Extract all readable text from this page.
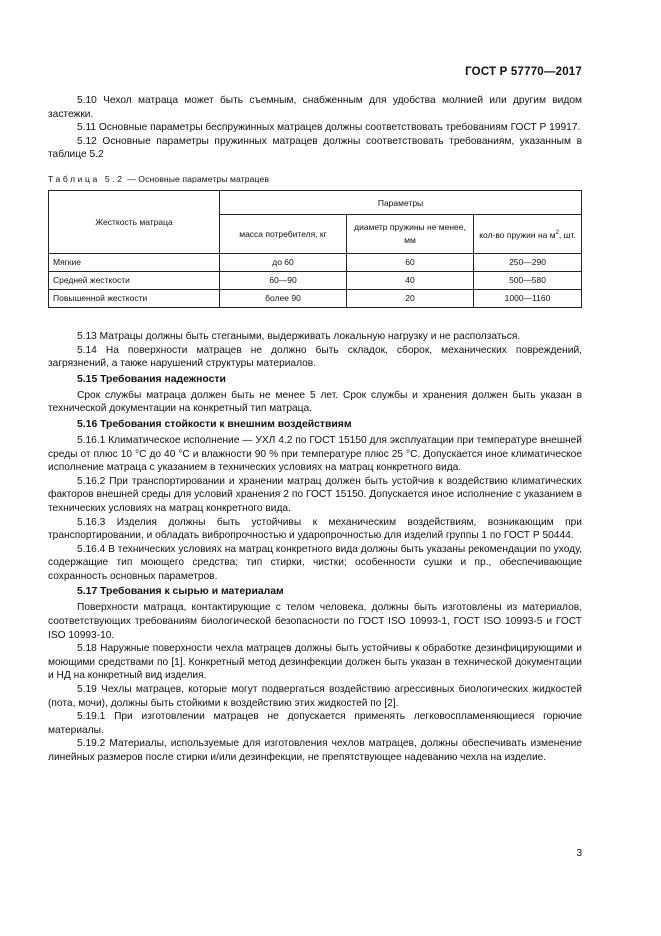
ГОСТ Р 57770—2017

5.10 Чехол матраца может быть съемным, снабженным для удобства молнией или другим видом застежки.

5.11 Основные параметры беспружинных матрацев должны соответствовать требованиям ГОСТ Р 19917.

5.12 Основные параметры пружинных матрацев должны соответствовать требованиям, указанным в таблице 5.2

Таблица 5.2 — Основные параметры матрацев
Жесткость матраца	Параметры		
	масса потребителя, кг	диаметр пружины не менее, мм	кол-во пружин на $м^2$, шт.
Мягкие	до 60	60	250—290
Средней жесткости	60—90	40	500—580
Повышенной жесткости	более 90	20	1000—1160

5.13 Матрацы должны быть стегаными, выдерживать локальную нагрузку и не расползаться.

5.14 На поверхности матрацев не должно быть складок, сборок, механических повреждений, загрязнений, а также нарушений структуры материалов.

5.15 Требования надежности

Срок службы матраца должен быть не менее 5 лет. Срок службы и хранения должен быть указан в технической документации на конкретный тип матраца.

5.16 Требования стойкости к внешним воздействиям

5.16.1 Климатическое исполнение — УХЛ 4.2 по ГОСТ 15150 для эксплуатации при температуре внешней среды от плюс 10 °С до 40 °С и влажности 90 % при температуре плюс 25 °С. Допускается иное климатическое исполнение матраца с указанием в технических условиях на матрац конкретного вида.

5.16.2 При транспортировании и хранении матрац должен быть устойчив к воздействию климатических факторов внешней среды для условий хранения 2 по ГОСТ 15150. Допускается иное исполнение с указанием в технических условиях на матрац конкретного вида.

5.16.3 Изделия должны быть устойчивы к механическим воздействиям, возникающим при транспортировании, и обладать вибропрочностью и ударопрочностью для изделий группы 1 по ГОСТ Р 50444.

5.16.4 В технических условиях на матрац конкретного вида должны быть указаны рекомендации по уходу, содержащие тип моющего средства; тип стирки, чистки; особенности сушки и пр., обеспечивающие сохранность основных параметров.

5.17 Требования к сырью и материалам

Поверхности матраца, контактирующие с телом человека, должны быть изготовлены из материалов, соответствующих требованиям биологической безопасности по ГОСТ ISO 10993-1, ГОСТ ISO 10993-5 и ГОСТ ISO 10993-10.

5.18 Наружные поверхности чехла матрацев должны быть устойчивы к обработке дезинфицирующими и моющими средствами по [1]. Конкретный метод дезинфекции должен быть указан в технической документации и НД на конкретный вид изделия.

5.19 Чехлы матрацев, которые могут подвергаться воздействию агрессивных биологических жидкостей (пота, мочи), должны быть стойкими к воздействию этих жидкостей по [2].

5.19.1 При изготовлении матрацев не допускается применять легковоспламеняющиеся горючие материалы.

5.19.2 Материалы, используемые для изготовления чехлов матрацев, должны обеспечивать изменение линейных размеров после стирки и/или дезинфекции, не препятствующее надеванию чехла на изделие.

3
